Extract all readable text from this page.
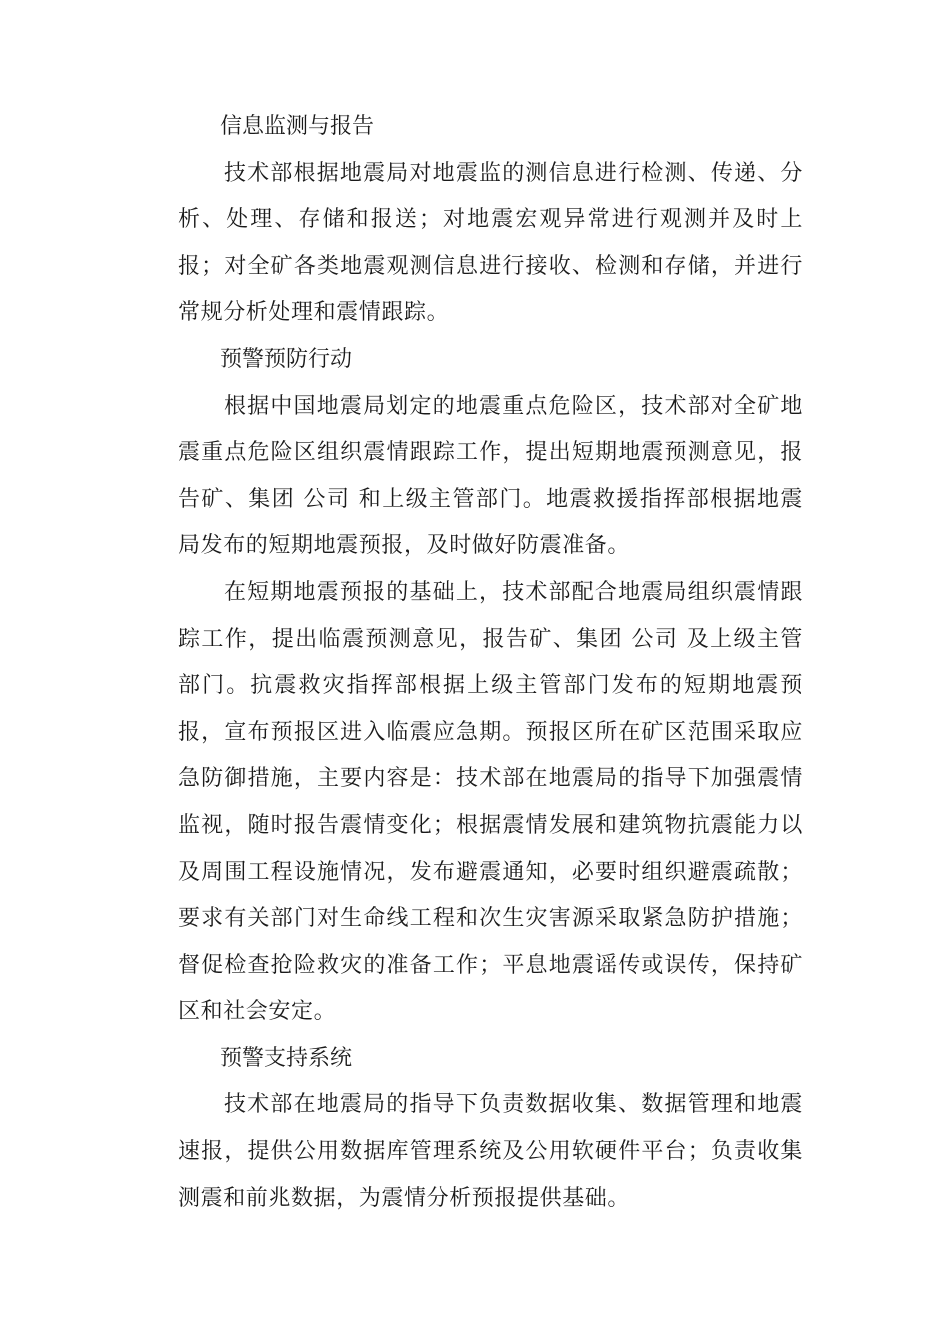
信息监测与报告

技术部根据地震局对地震监的测信息进行检测、传递、分析、处理、存储和报送；对地震宏观异常进行观测并及时上报；对全矿各类地震观测信息进行接收、检测和存储，并进行常规分析处理和震情跟踪。

预警预防行动

根据中国地震局划定的地震重点危险区，技术部对全矿地震重点危险区组织震情跟踪工作，提出短期地震预测意见，报告矿、集团 公司 和上级主管部门。地震救援指挥部根据地震局发布的短期地震预报，及时做好防震准备。

在短期地震预报的基础上，技术部配合地震局组织震情跟踪工作，提出临震预测意见，报告矿、集团 公司 及上级主管部门。抗震救灾指挥部根据上级主管部门发布的短期地震预报，宣布预报区进入临震应急期。预报区所在矿区范围采取应急防御措施，主要内容是：技术部在地震局的指导下加强震情监视，随时报告震情变化；根据震情发展和建筑物抗震能力以及周围工程设施情况，发布避震通知，必要时组织避震疏散；要求有关部门对生命线工程和次生灾害源采取紧急防护措施；督促检查抢险救灾的准备工作；平息地震谣传或误传，保持矿区和社会安定。

预警支持系统

技术部在地震局的指导下负责数据收集、数据管理和地震速报，提供公用数据库管理系统及公用软硬件平台；负责收集测震和前兆数据，为震情分析预报提供基础。
